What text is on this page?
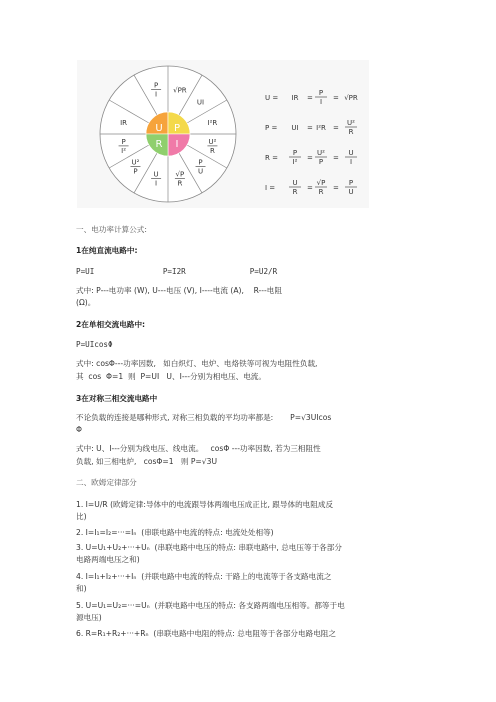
U P
R I
P
I √PR
UI
I²R
U²
R
P
U
√P
R
U
I
U²
P
P
I²
IR
U = IR =
P
I = √PR
P = UI = I²R =
U²
R
R =
P
I² =
U²
P =
U
I
I =
U
R =
√P
R =
P
U
一、电功率计算公式:
1在纯直流电路中:
P=UI               P=I2R              P=U2/R
式中: P---电功率 (W), U---电压 (V), I----电流 (A),    R---电阻
(Ω)。
2在单相交流电路中:
P=UIcosΦ
式中: cosΦ---功率因数,   如白炽灯、电炉、电烙铁等可视为电阻性负载,
其  cos  Φ=1  则  P=UI   U、I---分别为相电压、电流。
3在对称三相交流电路中
不论负载的连接是哪种形式, 对称三相负载的平均功率都是:       P=√3UIcos
Φ
式中: U、I---分别为线电压、线电流。   cosΦ ---功率因数, 若为三相阻性
负载, 如三相电炉,   cosΦ=1   则 P=√3U
二、欧姆定律部分
1. I=U/R (欧姆定律:导体中的电流跟导体两端电压成正比, 跟导体的电阻成反
比)
2. I=I₁=I₂=···=Iₙ  (串联电路中电流的特点: 电流处处相等)
3. U=U₁+U₂+···+Uₙ  (串联电路中电压的特点: 串联电路中, 总电压等于各部分
电路两端电压之和)
4. I=I₁+I₂+···+Iₙ  (并联电路中电流的特点: 干路上的电流等于各支路电流之
和)
5. U=U₁=U₂=···=Uₙ  (并联电路中电压的特点: 各支路两端电压相等。都等于电
源电压)
6. R=R₁+R₂+···+Rₙ  (串联电路中电阻的特点: 总电阻等于各部分电路电阻之
